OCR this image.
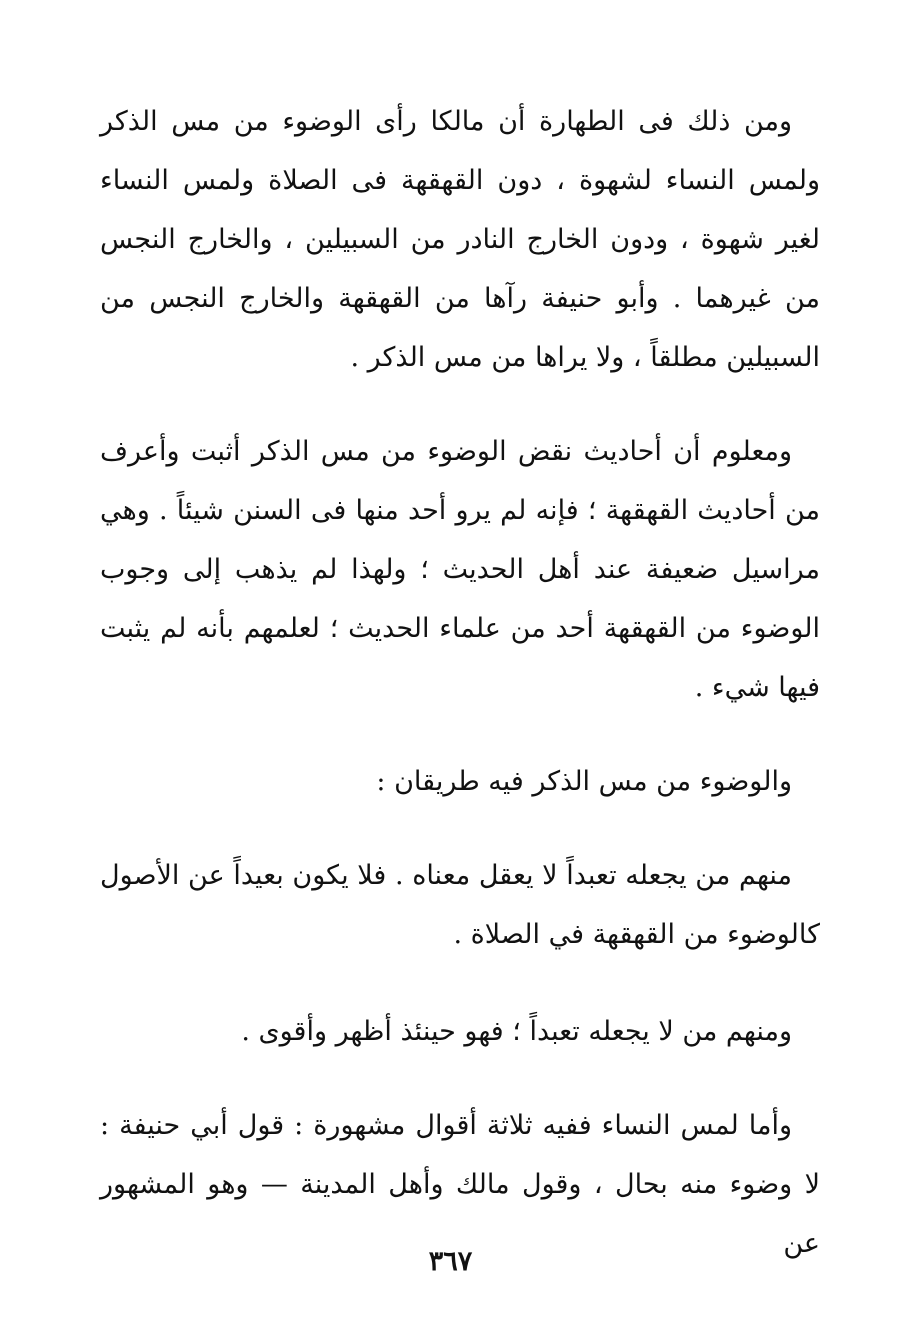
ومن ذلك فى الطهارة أن مالكا رأى الوضوء من مس الذكر ولمس النساء لشهوة ، دون القهقهة فى الصلاة ولمس النساء لغير شهوة ، ودون الخارج النادر من السبيلين ، والخارج النجس من غيرهما . وأبو حنيفة رآها من القهقهة والخارج النجس من السبيلين مطلقاً ، ولا يراها من مس الذكر .

ومعلوم أن أحاديث نقض الوضوء من مس الذكر أثبت وأعرف من أحاديث القهقهة ؛ فإنه لم يرو أحد منها فى السنن شيئاً . وهي مراسيل ضعيفة عند أهل الحديث ؛ ولهذا لم يذهب إلى وجوب الوضوء من القهقهة أحد من علماء الحديث ؛ لعلمهم بأنه لم يثبت فيها شيء .

والوضوء من مس الذكر فيه طريقان :

منهم من يجعله تعبداً لا يعقل معناه . فلا يكون بعيداً عن الأصول كالوضوء من القهقهة في الصلاة .

ومنهم من لا يجعله تعبداً ؛ فهو حينئذ أظهر وأقوى .

وأما لمس النساء ففيه ثلاثة أقوال مشهورة : قول أبي حنيفة : لا وضوء منه بحال ، وقول مالك وأهل المدينة — وهو المشهور عن

٣٦٧
